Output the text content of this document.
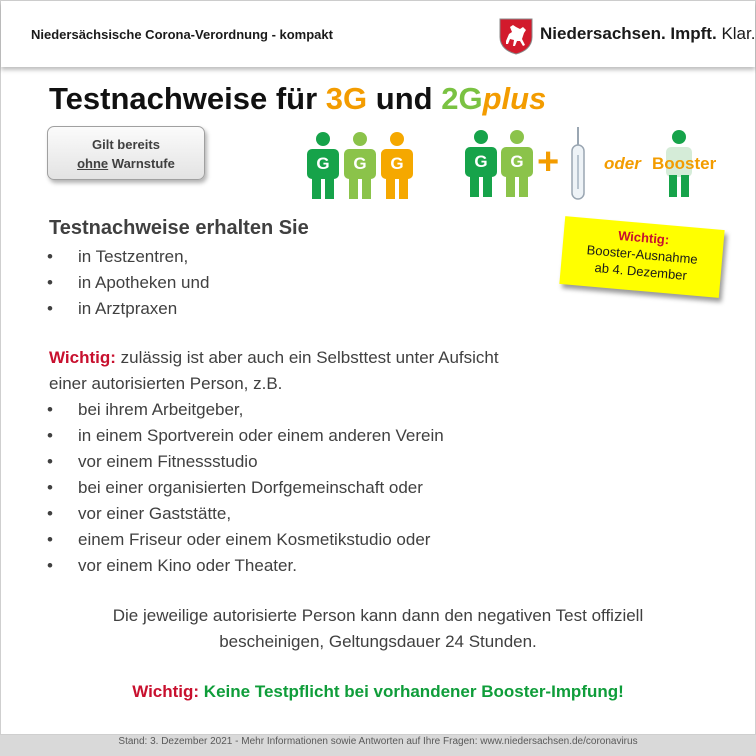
Niedersächsische Corona-Verordnung - kompakt	Niedersachsen. Impft. Klar.
Testnachweise für 3G und 2Gplus
Gilt bereits
ohne Warnstufe	G G G	G G +	oder Booster
Wichtig:
Booster-Ausnahme
ab 4. Dezember
Testnachweise erhalten Sie
• in Testzentren,
• in Apotheken und
• in Arztpraxen
Wichtig: zulässig ist aber auch ein Selbsttest unter Aufsicht
einer autorisierten Person, z.B.
• bei ihrem Arbeitgeber,
• in einem Sportverein oder einem anderen Verein
• vor einem Fitnessstudio
• bei einer organisierten Dorfgemeinschaft oder
• vor einer Gaststätte,
• einem Friseur oder einem Kosmetikstudio oder
• vor einem Kino oder Theater.
Die jeweilige autorisierte Person kann dann den negativen Test offiziell
bescheinigen, Geltungsdauer 24 Stunden.
Wichtig: Keine Testpflicht bei vorhandener Booster-Impfung!
Stand: 3. Dezember 2021 - Mehr Informationen sowie Antworten auf Ihre Fragen: www.niedersachsen.de/coronavirus
